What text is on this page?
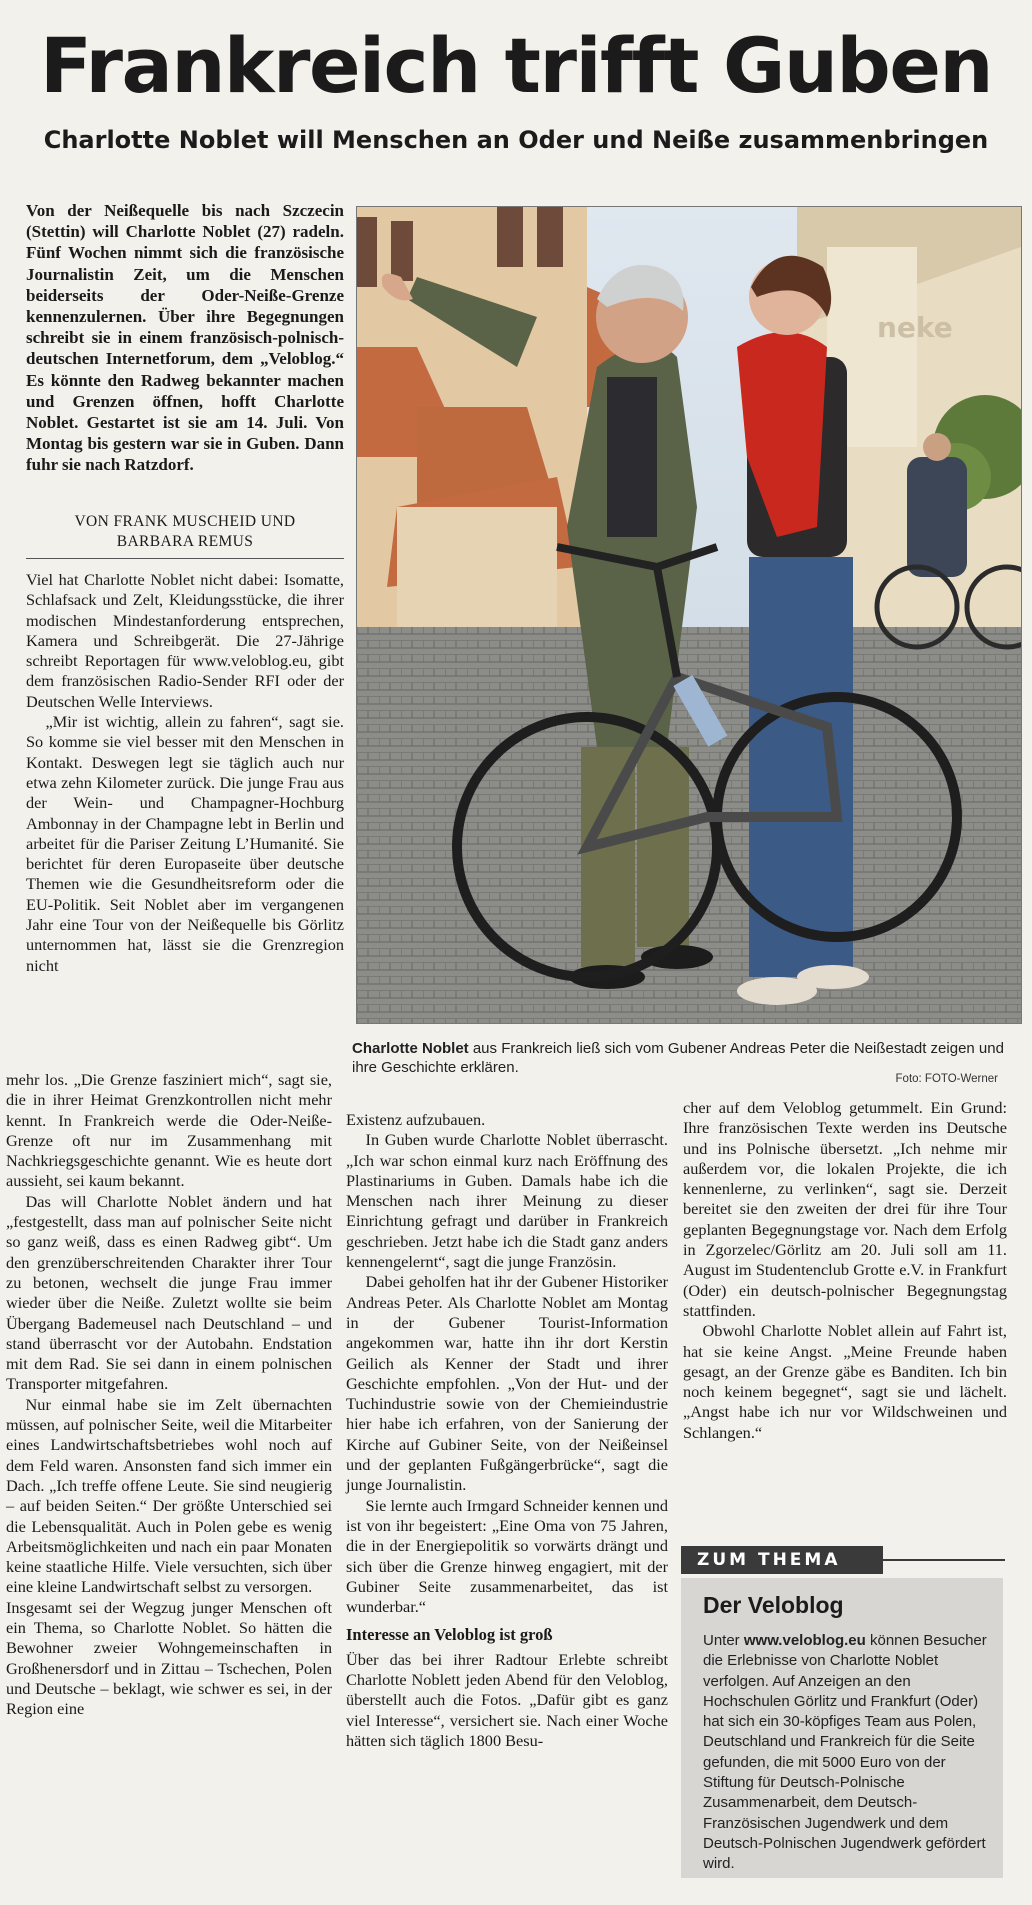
Frankreich trifft Guben
Charlotte Noblet will Menschen an Oder und Neiße zusammenbringen
Von der Neißequelle bis nach Szczecin (Stettin) will Charlotte Noblet (27) radeln. Fünf Wochen nimmt sich die französische Journalistin Zeit, um die Menschen beiderseits der Oder-Neiße-Grenze kennenzulernen. Über ihre Begegnungen schreibt sie in einem französisch-polnisch-deutschen Internetforum, dem „Veloblog.“ Es könnte den Radweg bekannter machen und Grenzen öffnen, hofft Charlotte Noblet. Gestartet ist sie am 14. Juli. Von Montag bis gestern war sie in Guben. Dann fuhr sie nach Ratzdorf.
VON FRANK MUSCHEID UND
BARBARA REMUS

Viel hat Charlotte Noblet nicht dabei: Isomatte, Schlafsack und Zelt, Kleidungsstücke, die ihrer modischen Mindestanforderung entsprechen, Kamera und Schreibgerät. Die 27-Jährige schreibt Reportagen für www.veloblog.eu, gibt dem französischen Radio-Sender RFI oder der Deutschen Welle Interviews.

„Mir ist wichtig, allein zu fahren“, sagt sie. So komme sie viel besser mit den Menschen in Kontakt. Deswegen legt sie täglich auch nur etwa zehn Kilometer zurück. Die junge Frau aus der Wein- und Champagner-Hochburg Ambonnay in der Champagne lebt in Berlin und arbeitet für die Pariser Zeitung L’Humanité. Sie berichtet für deren Europaseite über deutsche Themen wie die Gesundheitsreform oder die EU-Politik. Seit Noblet aber im vergangenen Jahr eine Tour von der Neißequelle bis Görlitz unternommen hat, lässt sie die Grenzregion nicht

neke
Charlotte Noblet aus Frankreich ließ sich vom Gubener Andreas Peter die Neißestadt zeigen und ihre Geschichte erklären.
Foto: FOTO-Werner

mehr los. „Die Grenze fasziniert mich“, sagt sie, die in ihrer Heimat Grenzkontrollen nicht mehr kennt. In Frankreich werde die Oder-Neiße-Grenze oft nur im Zusammenhang mit Nachkriegsgeschichte genannt. Wie es heute dort aussieht, sei kaum bekannt.

Das will Charlotte Noblet ändern und hat „festgestellt, dass man auf polnischer Seite nicht so ganz weiß, dass es einen Radweg gibt“. Um den grenzüberschreitenden Charakter ihrer Tour zu betonen, wechselt die junge Frau immer wieder über die Neiße. Zuletzt wollte sie beim Übergang Bademeusel nach Deutschland – und stand überrascht vor der Autobahn. Endstation mit dem Rad. Sie sei dann in einem polnischen Transporter mitgefahren.

Nur einmal habe sie im Zelt übernachten müssen, auf polnischer Seite, weil die Mitarbeiter eines Landwirtschaftsbetriebes wohl noch auf dem Feld waren. Ansonsten fand sich immer ein Dach. „Ich treffe offene Leute. Sie sind neugierig – auf beiden Seiten.“ Der größte Unterschied sei die Lebensqualität. Auch in Polen gebe es wenig Arbeitsmöglichkeiten und nach ein paar Monaten keine staatliche Hilfe. Viele versuchten, sich über eine kleine Landwirtschaft selbst zu versorgen.

Insgesamt sei der Wegzug junger Menschen oft ein Thema, so Charlotte Noblet. So hätten die Bewohner zweier Wohngemeinschaften in Großhenersdorf und in Zittau – Tschechen, Polen und Deutsche – beklagt, wie schwer es sei, in der Region eine

Existenz aufzubauen.

In Guben wurde Charlotte Noblet überrascht. „Ich war schon einmal kurz nach Eröffnung des Plastinariums in Guben. Damals habe ich die Menschen nach ihrer Meinung zu dieser Einrichtung gefragt und darüber in Frankreich geschrieben. Jetzt habe ich die Stadt ganz anders kennengelernt“, sagt die junge Französin.

Dabei geholfen hat ihr der Gubener Historiker Andreas Peter. Als Charlotte Noblet am Montag in der Gubener Tourist-Information angekommen war, hatte ihn ihr dort Kerstin Geilich als Kenner der Stadt und ihrer Geschichte empfohlen. „Von der Hut- und der Tuchindustrie sowie von der Chemieindustrie hier habe ich erfahren, von der Sanierung der Kirche auf Gubiner Seite, von der Neißeinsel und der geplanten Fußgängerbrücke“, sagt die junge Journalistin.

Sie lernte auch Irmgard Schneider kennen und ist von ihr begeistert: „Eine Oma von 75 Jahren, die in der Energiepolitik so vorwärts drängt und sich über die Grenze hinweg engagiert, mit der Gubiner Seite zusammenarbeitet, das ist wunderbar.“

Interesse an Veloblog ist groß

Über das bei ihrer Radtour Erlebte schreibt Charlotte Noblett jeden Abend für den Veloblog, überstellt auch die Fotos. „Dafür gibt es ganz viel Interesse“, versichert sie. Nach einer Woche hätten sich täglich 1800 Besu-

cher auf dem Veloblog getummelt. Ein Grund: Ihre französischen Texte werden ins Deutsche und ins Polnische übersetzt. „Ich nehme mir außerdem vor, die lokalen Projekte, die ich kennenlerne, zu verlinken“, sagt sie. Derzeit bereitet sie den zweiten der drei für ihre Tour geplanten Begegnungstage vor. Nach dem Erfolg in Zgorzelec/Görlitz am 20. Juli soll am 11. August im Studentenclub Grotte e.V. in Frankfurt (Oder) ein deutsch-polnischer Begegnungstag stattfinden.

Obwohl Charlotte Noblet allein auf Fahrt ist, hat sie keine Angst. „Meine Freunde haben gesagt, an der Grenze gäbe es Banditen. Ich bin noch keinem begegnet“, sagt sie und lächelt. „Angst habe ich nur vor Wildschweinen und Schlangen.“

ZUM THEMA
Der Veloblog
Unter www.veloblog.eu können Besucher die Erlebnisse von Charlotte Noblet verfolgen. Auf Anzeigen an den Hochschulen Görlitz und Frankfurt (Oder) hat sich ein 30-köpfiges Team aus Polen, Deutschland und Frankreich für die Seite gefunden, die mit 5000 Euro von der Stiftung für Deutsch-Polnische Zusammenarbeit, dem Deutsch-Französischen Jugendwerk und dem Deutsch-Polnischen Jugendwerk gefördert wird.
